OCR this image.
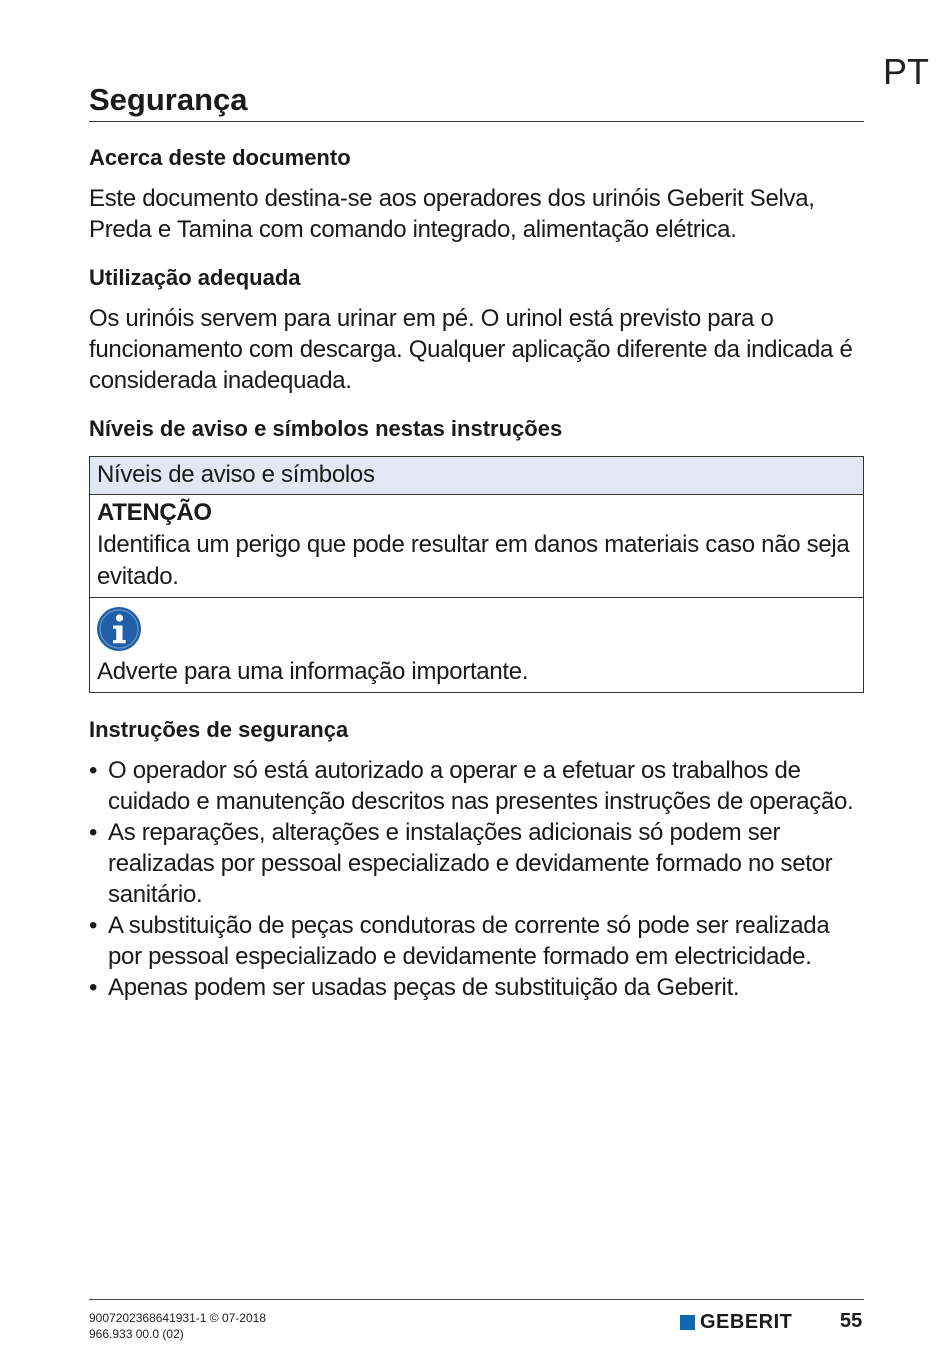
PT
Segurança
Acerca deste documento

Este documento destina-se aos operadores dos urinóis Geberit Selva, Preda e Tamina com comando integrado, alimentação elétrica.

Utilização adequada

Os urinóis servem para urinar em pé. O urinol está previsto para o funcionamento com descarga. Qualquer aplicação diferente da indicada é considerada inadequada.

Níveis de aviso e símbolos nestas instruções
Níveis de aviso e símbolos

ATENÇÃO
Identifica um perigo que pode resultar em danos materiais caso não seja evitado.

Adverte para uma informação importante.
Instruções de segurança
• O operador só está autorizado a operar e a efetuar os trabalhos de cuidado e manutenção descritos nas presentes instruções de operação.
• As reparações, alterações e instalações adicionais só podem ser realizadas por pessoal especializado e devidamente formado no setor sanitário.
• A substituição de peças condutoras de corrente só pode ser realizada por pessoal especializado e devidamente formado em electricidade.
• Apenas podem ser usadas peças de substituição da Geberit.
9007202368641931-1 © 07-2018
966.933 00.0 (02)
GEBERIT 55
